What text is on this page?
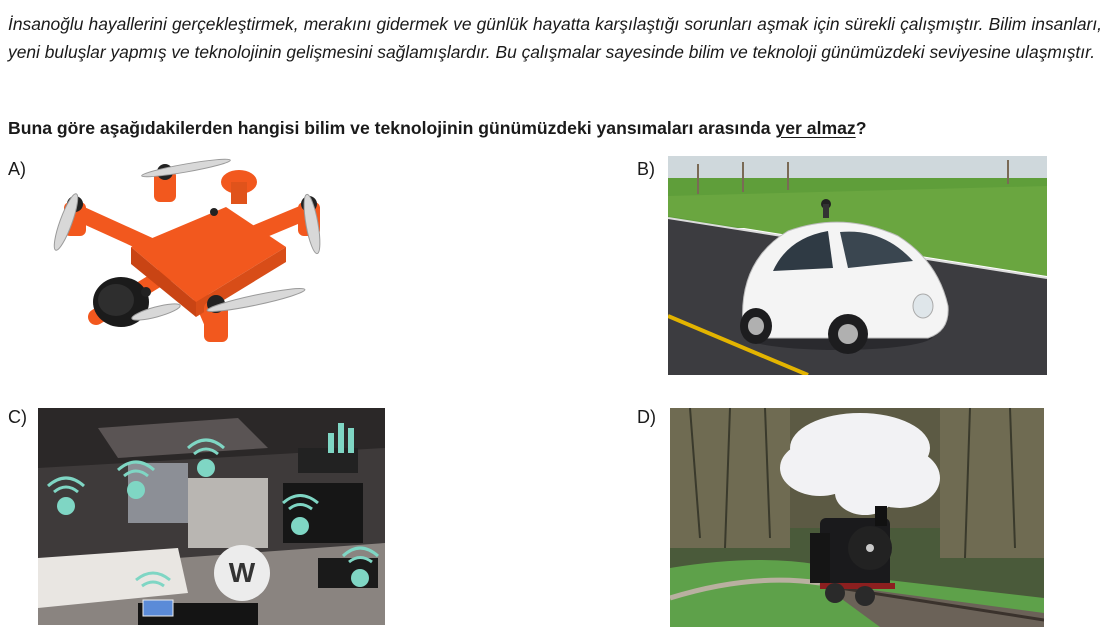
İnsanoğlu hayallerini gerçekleştirmek, merakını gidermek ve günlük hayatta karşılaştığı sorunları aşmak için sürekli çalışmıştır. Bilim insanları, yeni buluşlar yapmış ve teknolojinin gelişmesini sağlamışlardır. Bu çalışmalar sayesinde bilim ve teknoloji günümüzdeki seviyesine ulaşmıştır.

Buna göre aşağıdakilerden hangisi bilim ve teknolojinin günümüzdeki yansımaları arasında yer almaz?

A)	B)
C)
W
D)
